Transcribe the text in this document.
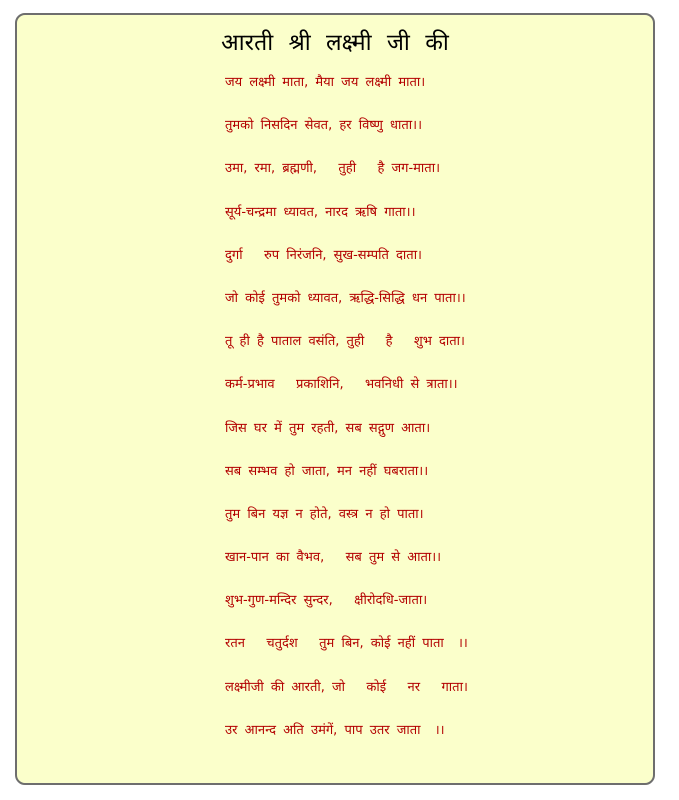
आरती श्री लक्ष्मी जी की
जय लक्ष्मी माता, मैया जय लक्ष्मी माता।
तुमको निसदिन सेवत, हर विष्णु धाता।।
उमा, रमा, ब्रह्मणी,   तुही   है जग-माता।
सूर्य-चन्द्रमा ध्यावत, नारद ऋषि गाता।।
दुर्गा   रुप निरंजनि, सुख-सम्पति दाता।
जो कोई तुमको ध्यावत, ऋद्धि-सिद्धि धन पाता।।
तू ही है पाताल वसंति, तुही   है   शुभ दाता।
कर्म-प्रभाव   प्रकाशिनि,   भवनिधी से त्राता।।
जिस घर में तुम रहती, सब सद्गुण आता।
सब सम्भव हो जाता, मन नहीं घबराता।।
तुम बिन यज्ञ न होते, वस्त्र न हो पाता।
खान-पान का वैभव,   सब तुम से आता।।
शुभ-गुण-मन्दिर सुन्दर,   क्षीरोदधि-जाता।
रतन   चतुर्दश   तुम बिन, कोई नहीं पाता  ।।
लक्ष्मीजी की आरती, जो   कोई   नर   गाता।
उर आनन्द अति उमंगें, पाप उतर जाता  ।।
